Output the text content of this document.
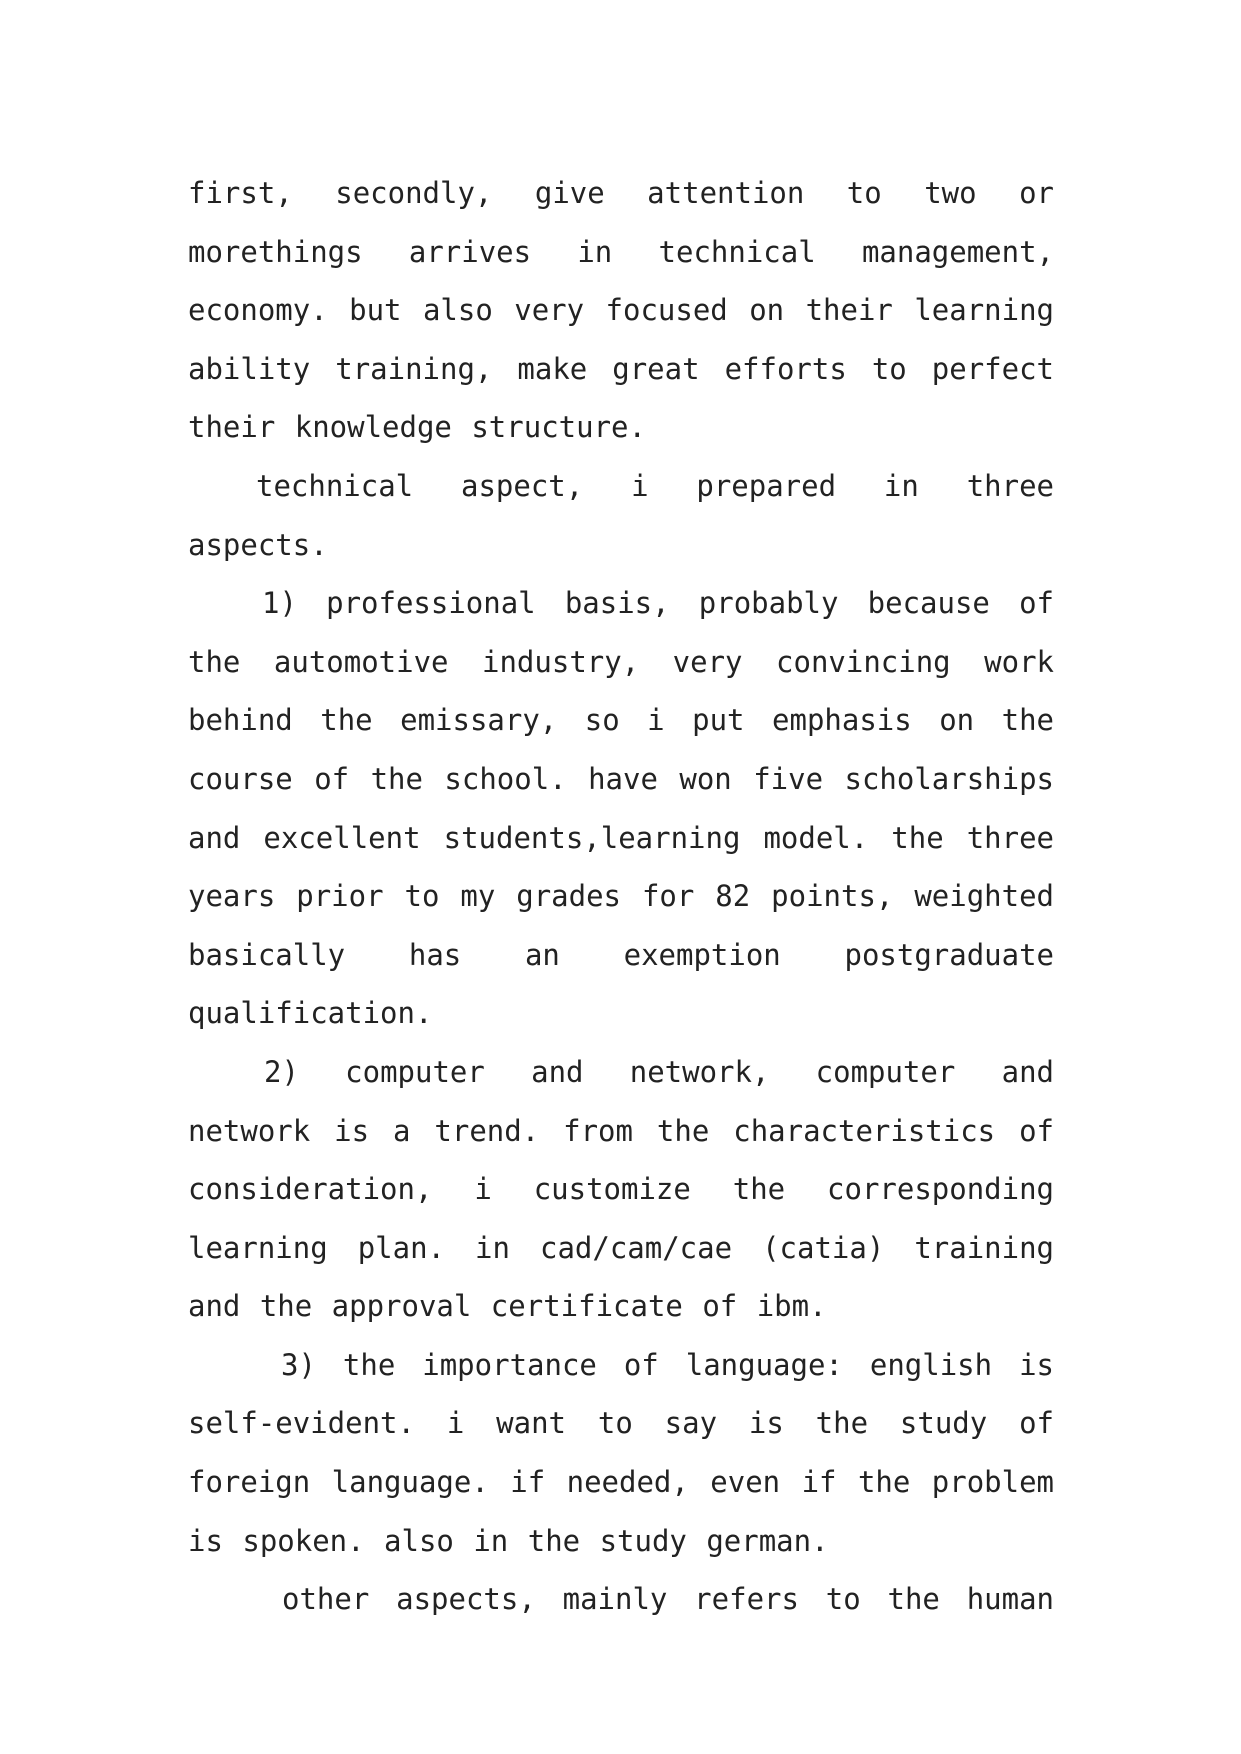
first, secondly, give attention to two or morethings arrives in technical management, economy. but also very focused on their learning ability training, make great efforts to perfect their knowledge structure.

technical aspect, i prepared in three aspects.

1) professional basis, probably because of the automotive industry, very convincing work behind the emissary, so i put emphasis on the course of the school. have won five scholarships and excellent students,learning model. the three years prior to my grades for 82 points, weighted basically has an exemption postgraduate qualification.

2) computer and network, computer and network is a trend. from the characteristics of consideration, i customize the corresponding learning plan. in cad/cam/cae (catia) training and the approval certificate of ibm.

3) the importance of language: english is self-evident. i want to say is the study of foreign language. if needed, even if the problem is spoken. also in the study german.

other aspects, mainly refers to the human
